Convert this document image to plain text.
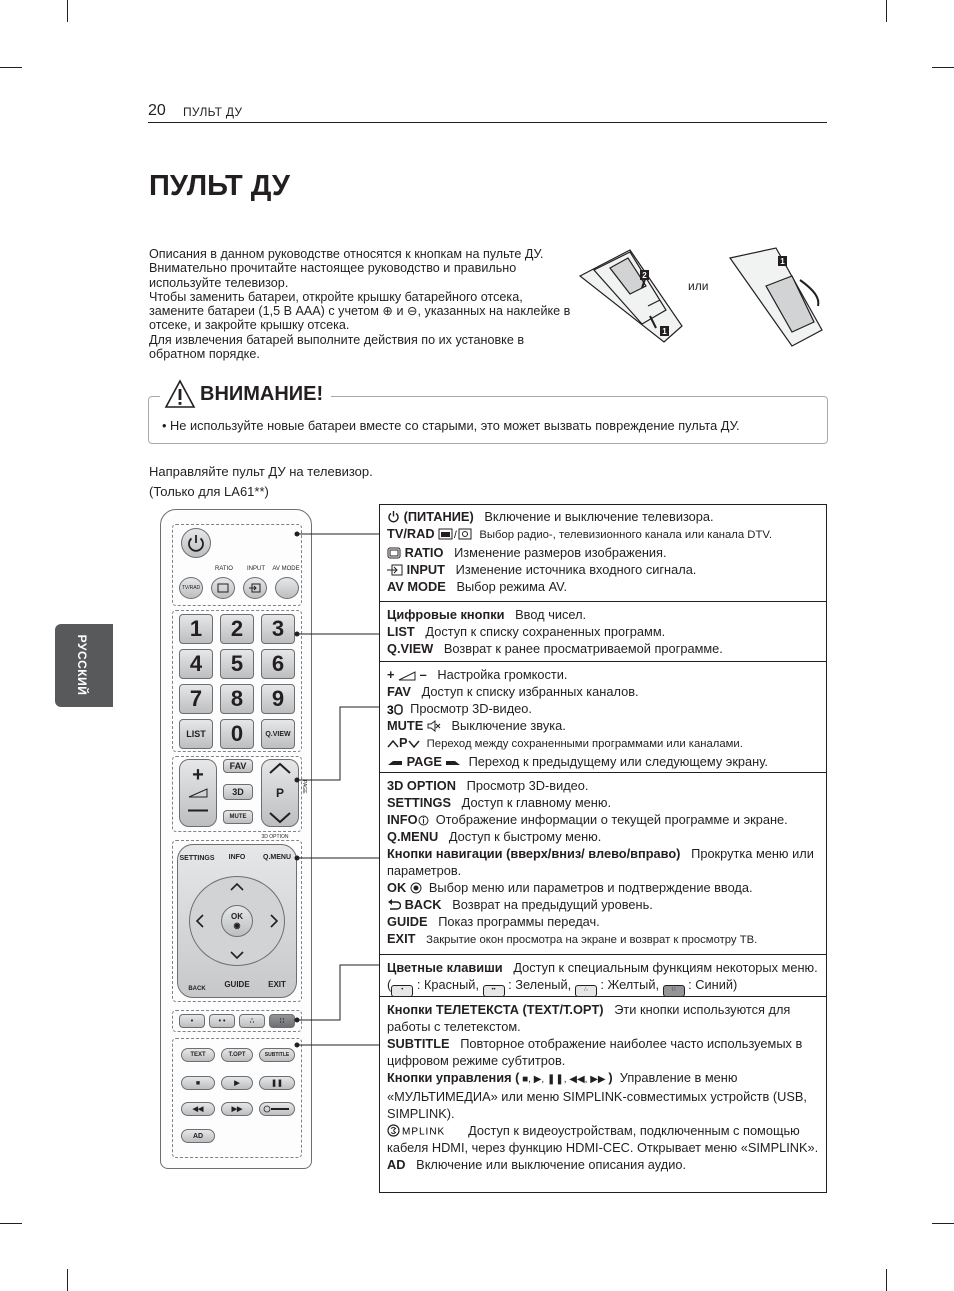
20 ПУЛЬТ ДУ
ПУЛЬТ ДУ
РУССКИЙ

Описания в данном руководстве относятся к кнопкам на пульте ДУ.

Внимательно прочитайте настоящее руководство и правильно используйте телевизор.

Чтобы заменить батареи, откройте крышку батарейного отсека, замените батареи (1,5 В AAA) с учетом ⊕ и ⊖, указанных на наклейке в отсеке, и закройте крышку отсека.

Для извлечения батарей выполните действия по их установке в обратном порядке.

2
1
1
или
ВНИМАНИЕ!
• Не используйте новые батареи вместе со старыми, это может вызвать повреждение пульта ДУ.
Направляйте пульт ДУ на телевизор.
(Только для LA61**)
RATIO	INPUT	AV MODE
TV/RAD
1	2	3
4	5	6
7	8	9
LIST	0	Q.VIEW
+
—
FAV
3D
MUTE
P	PAGE
3D OPTION
SETTINGS	INFO	Q.MENU
OK
◉
BACK	GUIDE	EXIT
•	• •	∴	∷
TEXT	T.OPT	SUBTITLE
■	▶	❚❚
◀◀	▶▶
AD
(ПИТАНИЕ) Включение и выключение телевизора.
TV/RAD / Выбор радио-, телевизионного канала или канала DTV.
RATIO Изменение размеров изображения.
INPUT Изменение источника входного сигнала.
AV MODE Выбор режима AV.
Цифровые кнопки Ввод чисел.
LIST Доступ к списку сохраненных программ.
Q.VIEW Возврат к ранее просматриваемой программе.
+ – Настройка громкости.
FAV Доступ к списку избранных каналов.
3 Просмотр 3D-видео.
MUTE Выключение звука.
P Переход между сохраненными программами или каналами.
PAGE Переход к предыдущему или следующему экрану.
3D OPTION Просмотр 3D-видео.
SETTINGS Доступ к главному меню.
INFO Отображение информации о текущей программе и экране.
Q.MENU Доступ к быстрому меню.
Кнопки навигации (вверх/вниз/ влево/вправо) Прокрутка меню или параметров.
OK Выбор меню или параметров и подтверждение ввода.
BACK Возврат на предыдущий уровень.
GUIDE Показ программы передач.
EXIT Закрытие окон просмотра на экране и возврат к просмотру ТВ.
Цветные клавиши Доступ к специальным функциям некоторых меню. ( • : Красный, •• : Зеленый, ∴ : Желтый, ∷ : Синий)
Кнопки ТЕЛЕТЕКСТА (TEXT/T.OPT) Эти кнопки используются для работы с телетекстом.
SUBTITLE Повторное отображение наиболее часто используемых в цифровом режиме субтитров.
Кнопки управления ( ■, ▶, ❚❚, ◀◀, ▶▶ ) Управление в меню «МУЛЬТИМЕДИА» или меню SIMPLINK-совместимых устройств (USB, SIMPLINK).
MPLINK Доступ к видеоустройствам, подключенным с помощью кабеля HDMI, через функцию HDMI-CEC. Открывает меню «SIMPLINK».
AD Включение или выключение описания аудио.
